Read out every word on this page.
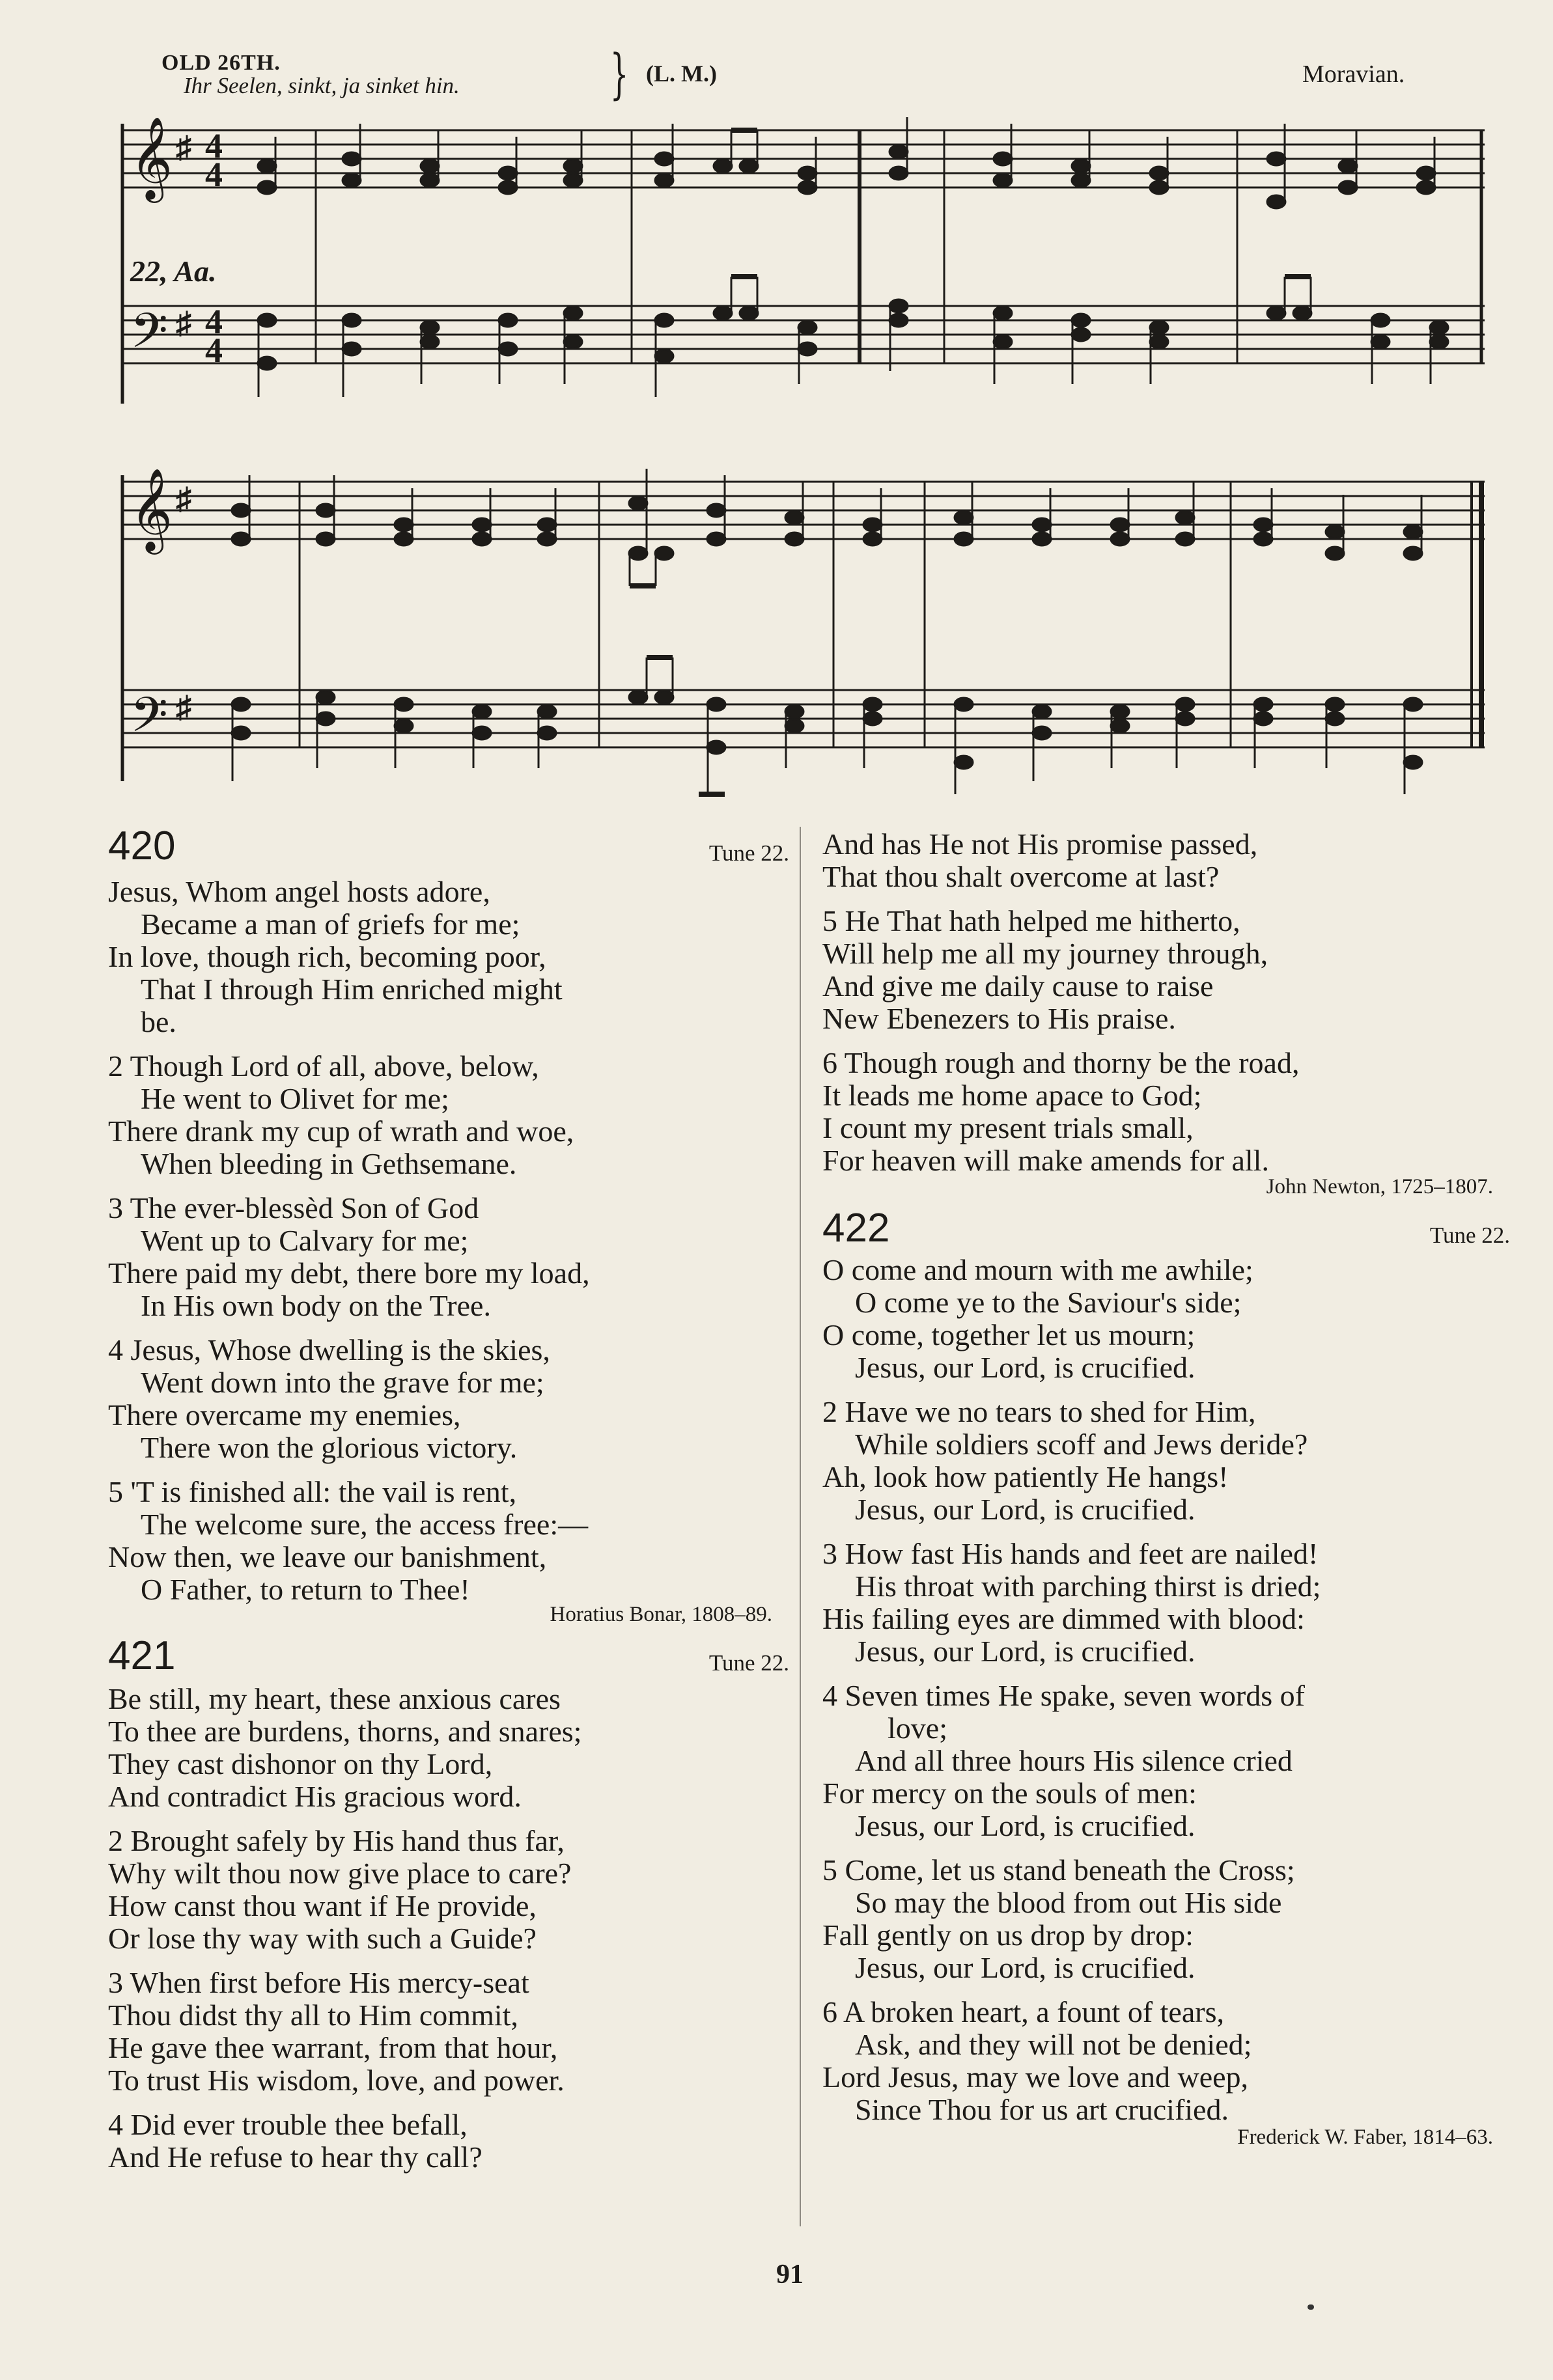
OLD 26TH.
Ihr Seelen, sinkt, ja sinket hin.	} (L. M.)	Moravian.
22, Aa.
𝄞
𝄢
♯
♯
4
4
4
4
𝄞
𝄢
♯
♯
420	Tune 22.
Jesus, Whom angel hosts adore,
Became a man of griefs for me;
In love, though rich, becoming poor,
That I through Him enriched might
be.
2 Though Lord of all, above, below,
He went to Olivet for me;
There drank my cup of wrath and woe,
When bleeding in Gethsemane.
3 The ever-blessèd Son of God
Went up to Calvary for me;
There paid my debt, there bore my load,
In His own body on the Tree.
4 Jesus, Whose dwelling is the skies,
Went down into the grave for me;
There overcame my enemies,
There won the glorious victory.
5 'T is finished all: the vail is rent,
The welcome sure, the access free:—
Now then, we leave our banishment,
O Father, to return to Thee!
Horatius Bonar, 1808–89.
421	Tune 22.
Be still, my heart, these anxious cares
To thee are burdens, thorns, and snares;
They cast dishonor on thy Lord,
And contradict His gracious word.
2 Brought safely by His hand thus far,
Why wilt thou now give place to care?
How canst thou want if He provide,
Or lose thy way with such a Guide?
3 When first before His mercy-seat
Thou didst thy all to Him commit,
He gave thee warrant, from that hour,
To trust His wisdom, love, and power.
4 Did ever trouble thee befall,
And He refuse to hear thy call?
And has He not His promise passed,
That thou shalt overcome at last?
5 He That hath helped me hitherto,
Will help me all my journey through,
And give me daily cause to raise
New Ebenezers to His praise.
6 Though rough and thorny be the road,
It leads me home apace to God;
I count my present trials small,
For heaven will make amends for all.
John Newton, 1725–1807.
422	Tune 22.
O come and mourn with me awhile;
O come ye to the Saviour's side;
O come, together let us mourn;
Jesus, our Lord, is crucified.
2 Have we no tears to shed for Him,
While soldiers scoff and Jews deride?
Ah, look how patiently He hangs!
Jesus, our Lord, is crucified.
3 How fast His hands and feet are nailed!
His throat with parching thirst is dried;
His failing eyes are dimmed with blood:
Jesus, our Lord, is crucified.
4 Seven times He spake, seven words of
love;
And all three hours His silence cried
For mercy on the souls of men:
Jesus, our Lord, is crucified.
5 Come, let us stand beneath the Cross;
So may the blood from out His side
Fall gently on us drop by drop:
Jesus, our Lord, is crucified.
6 A broken heart, a fount of tears,
Ask, and they will not be denied;
Lord Jesus, may we love and weep,
Since Thou for us art crucified.
Frederick W. Faber, 1814–63.
91
